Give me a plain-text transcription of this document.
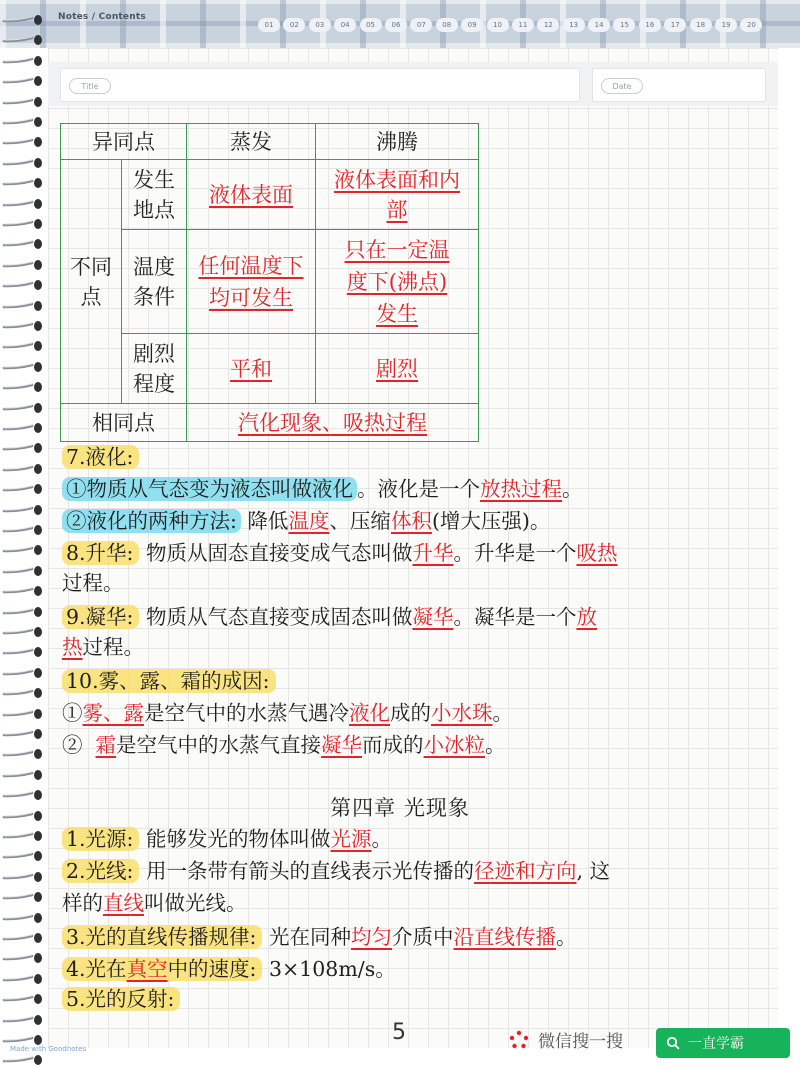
Notes / Contents
01	02	03	04	05	06	07	08	09	10	11	12	13	14	15	16	17	18	19	20
Title	Date
异同点		蒸发	沸腾

不同点	发生地点	液体表面	液体表面和内部

	温度条件	任何温度下均可发生	只在一定温度下(沸点) 发生

	剧烈程度	平和	剧烈
相同点		汽化现象、吸热过程	
7.液化:
①物质从气态变为液态叫做液化 。液化是一个放热过程。
②液化的两种方法: 降低温度、压缩体积(增大压强)。
8.升华: 物质从固态直接变成气态叫做升华。升华是一个吸热
过程。
9.凝华: 物质从气态直接变成固态叫做凝华。凝华是一个放
热过程。
10.雾、露、霜的成因:
①雾、露是空气中的水蒸气遇冷液化成的小水珠。
②  霜是空气中的水蒸气直接凝华而成的小冰粒。
第四章 光现象
1.光源: 能够发光的物体叫做光源。
2.光线: 用一条带有箭头的直线表示光传播的径迹和方向, 这
样的直线叫做光线。
3.光的直线传播规律: 光在同种均匀介质中沿直线传播。
4.光在真空中的速度: 3×108m/s。
5.光的反射:
5
Made with Goodnotes	微信搜一搜	一直学霸
